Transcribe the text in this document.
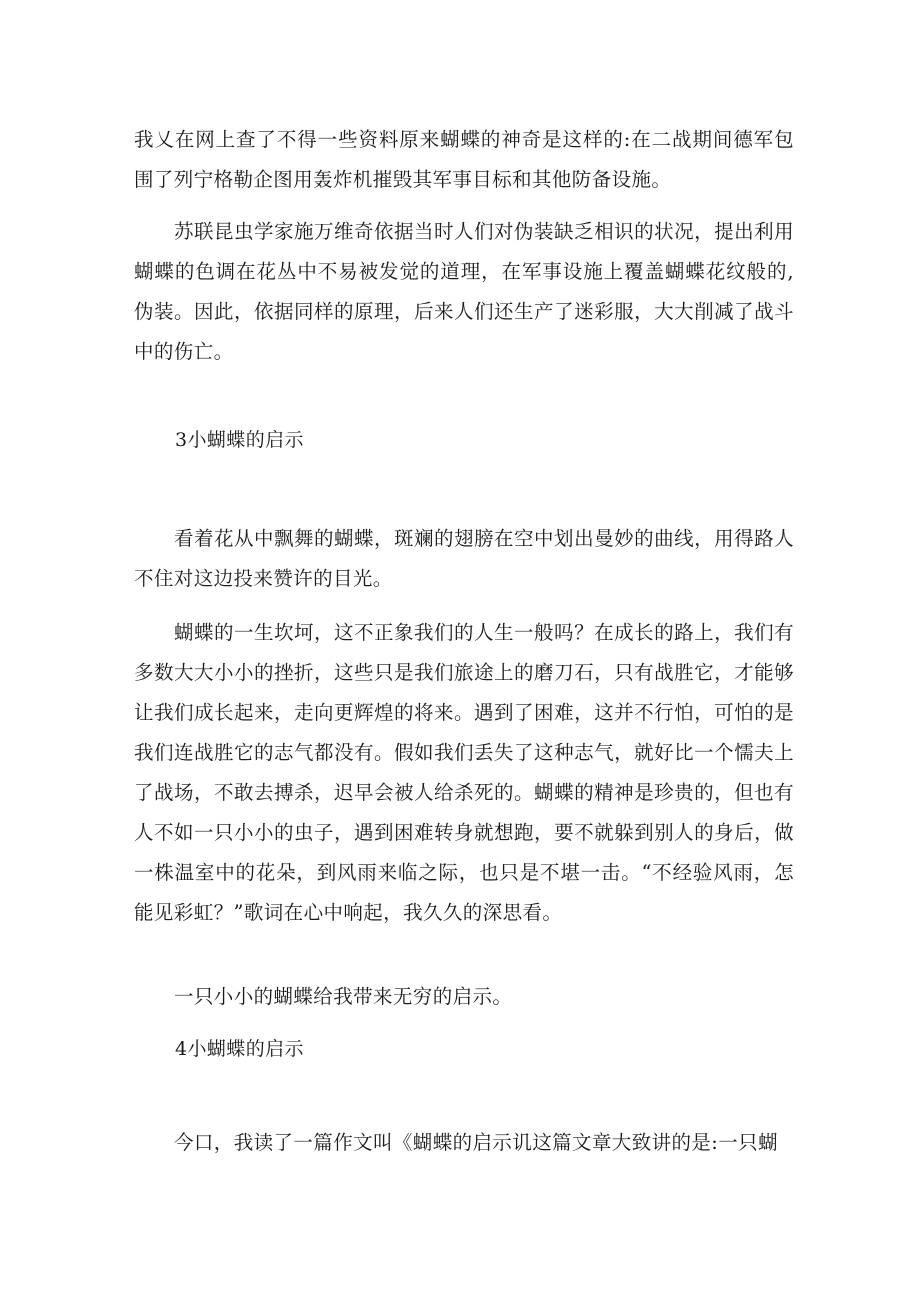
我乂在网上查了不得一些资料原来蝴蝶的神奇是这样的:在二战期间德军包围了列宁格勒企图用轰炸机摧毁其军事目标和其他防备设施。

苏联昆虫学家施万维奇依据当时人们对伪装缺乏相识的状况，提出利用蝴蝶的色调在花丛中不易被发觉的道理，在军事设施上覆盖蝴蝶花纹般的,伪装。因此，依据同样的原理，后来人们还生产了迷彩服，大大削减了战斗中的伤亡。

3小蝴蝶的启示

看着花从中飘舞的蝴蝶，斑斓的翅膀在空中划出曼妙的曲线，用得路人不住对这边投来赞许的目光。

蝴蝶的一生坎坷，这不正象我们的人生一般吗？在成长的路上，我们有多数大大小小的挫折，这些只是我们旅途上的磨刀石，只有战胜它，才能够让我们成长起来，走向更辉煌的将来。遇到了困难，这并不行怕，可怕的是我们连战胜它的志气都没有。假如我们丢失了这种志气，就好比一个懦夫上了战场，不敢去搏杀，迟早会被人给杀死的。蝴蝶的精神是珍贵的，但也有人不如一只小小的虫子，遇到困难转身就想跑，要不就躲到别人的身后，做一株温室中的花朵，到风雨来临之际，也只是不堪一击。“不经验风雨，怎能见彩虹？”歌词在心中响起，我久久的深思看。

一只小小的蝴蝶给我带来无穷的启示。

4小蝴蝶的启示

今口，我读了一篇作文叫《蝴蝶的启示讥这篇文章大致讲的是:一只蝴
